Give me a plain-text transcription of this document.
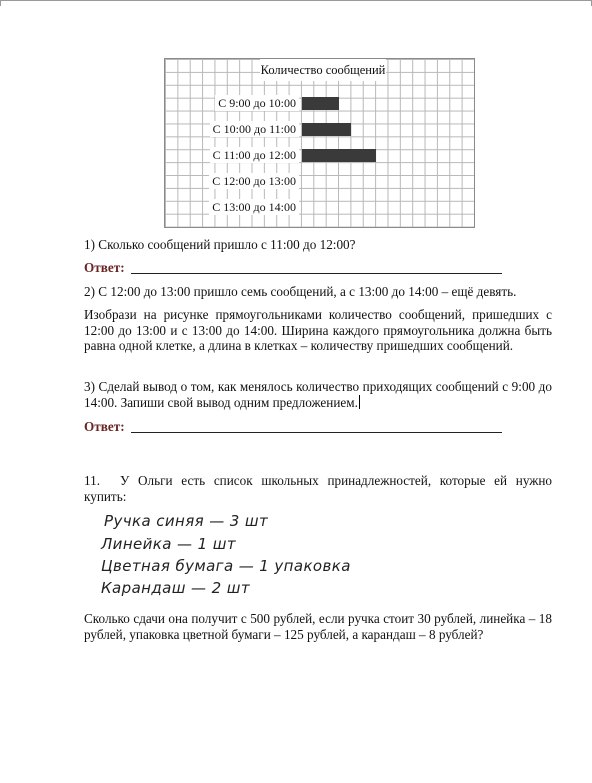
Количество сообщений
С 9:00 до 10:00
С 10:00 до 11:00
С 11:00 до 12:00
С 12:00 до 13:00
С 13:00 до 14:00
1) Сколько сообщений пришло с 11:00 до 12:00?
Ответ:
2) С 12:00 до 13:00 пришло семь сообщений, а с 13:00 до 14:00 – ещё девять.
Изобрази на рисунке прямоугольниками количество сообщений, пришедших с 12:00 до 13:00 и с 13:00 до 14:00. Ширина каждого прямоугольника должна быть равна одной клетке, а длина в клетках – количеству пришедших сообщений.
3) Сделай вывод о том, как менялось количество приходящих сообщений с 9:00 до 14:00. Запиши свой вывод одним предложением.
Ответ:
11.	У Ольги есть список школьных принадлежностей, которые ей нужно купить:
Ручка синяя — 3 шт
Линейка — 1 шт
Цветная бумага — 1 упаковка
Карандаш — 2 шт
Сколько сдачи она получит с 500 рублей, если ручка стоит 30 рублей, линейка – 18 рублей, упаковка цветной бумаги – 125 рублей, а карандаш – 8 рублей?
